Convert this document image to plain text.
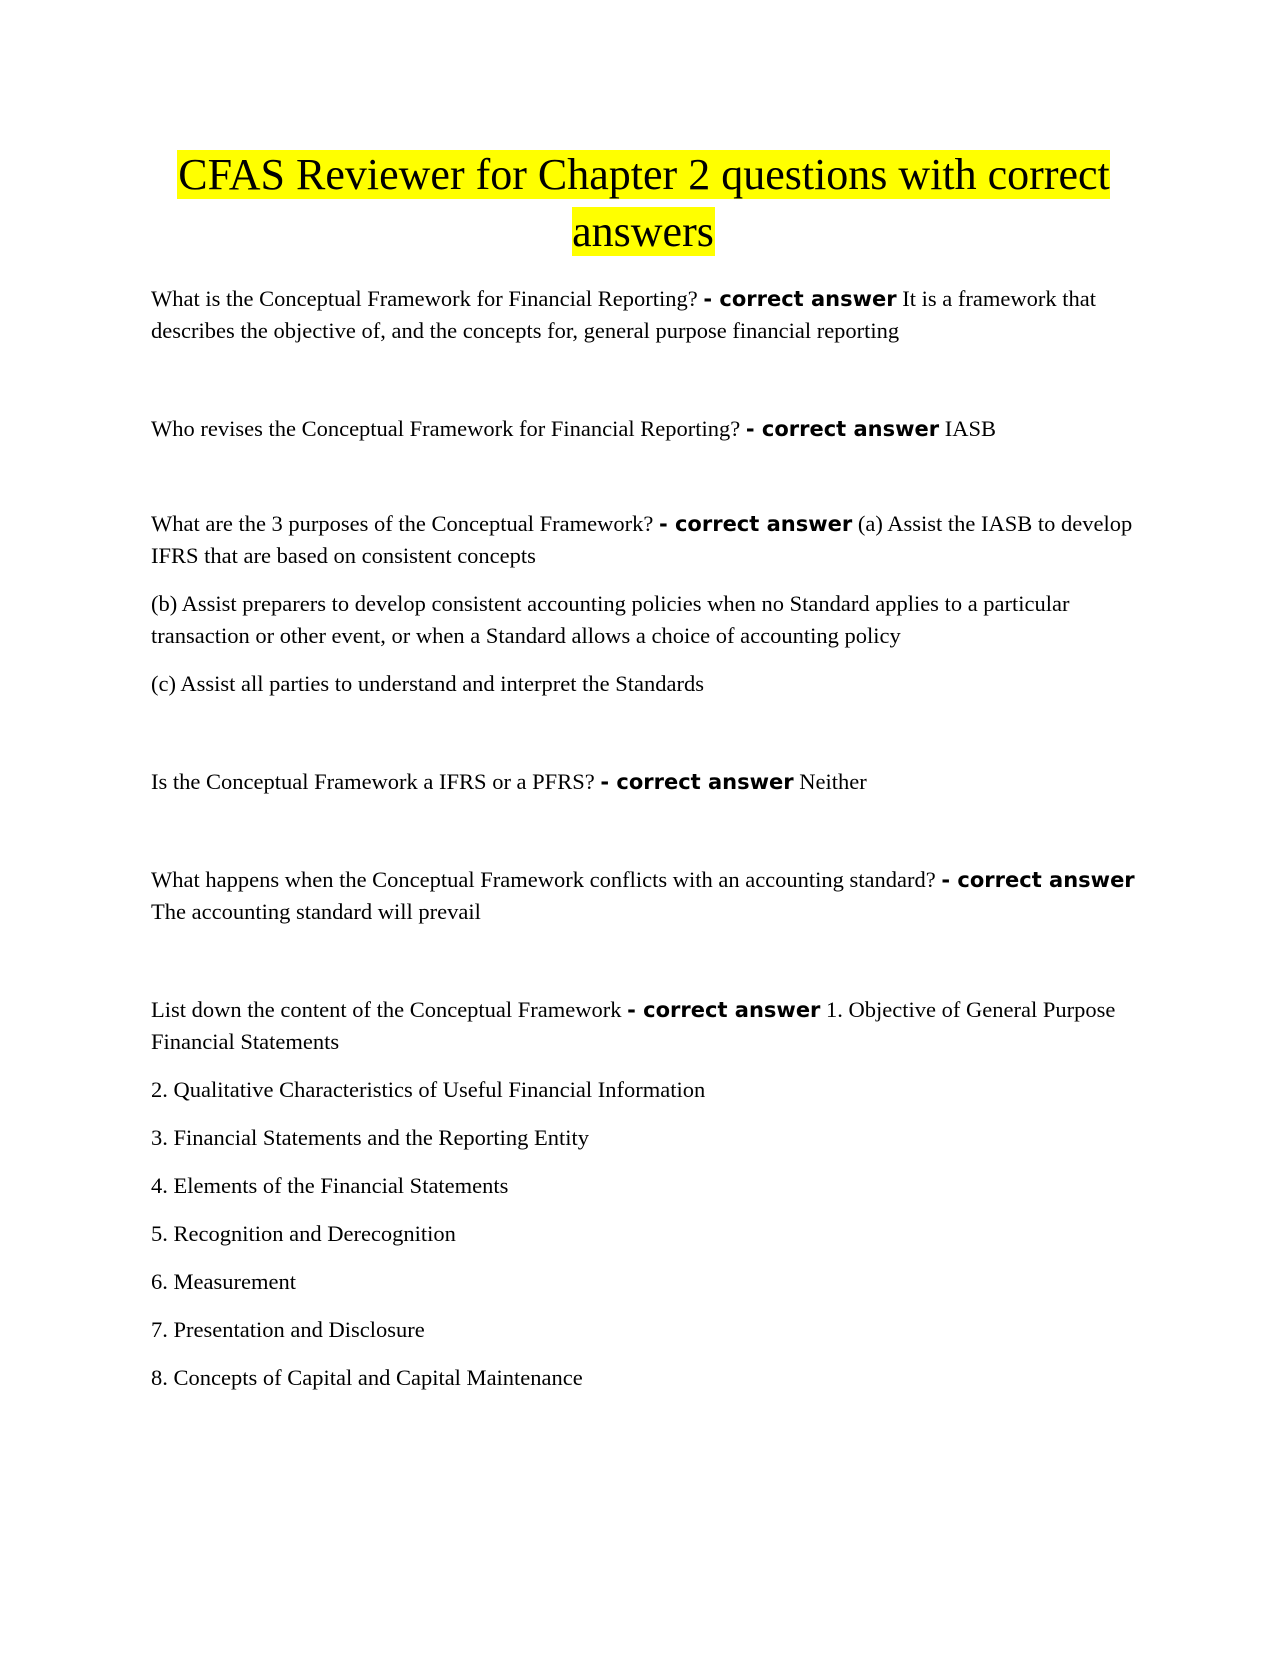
CFAS Reviewer for Chapter 2 questions with correct answers

What is the Conceptual Framework for Financial Reporting? - correct answer It is a framework that describes the objective of, and the concepts for, general purpose financial reporting

Who revises the Conceptual Framework for Financial Reporting? - correct answer IASB

What are the 3 purposes of the Conceptual Framework? - correct answer (a) Assist the IASB to develop IFRS that are based on consistent concepts

(b) Assist preparers to develop consistent accounting policies when no Standard applies to a particular transaction or other event, or when a Standard allows a choice of accounting policy

(c) Assist all parties to understand and interpret the Standards

Is the Conceptual Framework a IFRS or a PFRS? - correct answer Neither

What happens when the Conceptual Framework conflicts with an accounting standard? - correct answer The accounting standard will prevail

List down the content of the Conceptual Framework - correct answer 1. Objective of General Purpose Financial Statements

2. Qualitative Characteristics of Useful Financial Information

3. Financial Statements and the Reporting Entity

4. Elements of the Financial Statements

5. Recognition and Derecognition

6. Measurement

7. Presentation and Disclosure

8. Concepts of Capital and Capital Maintenance
